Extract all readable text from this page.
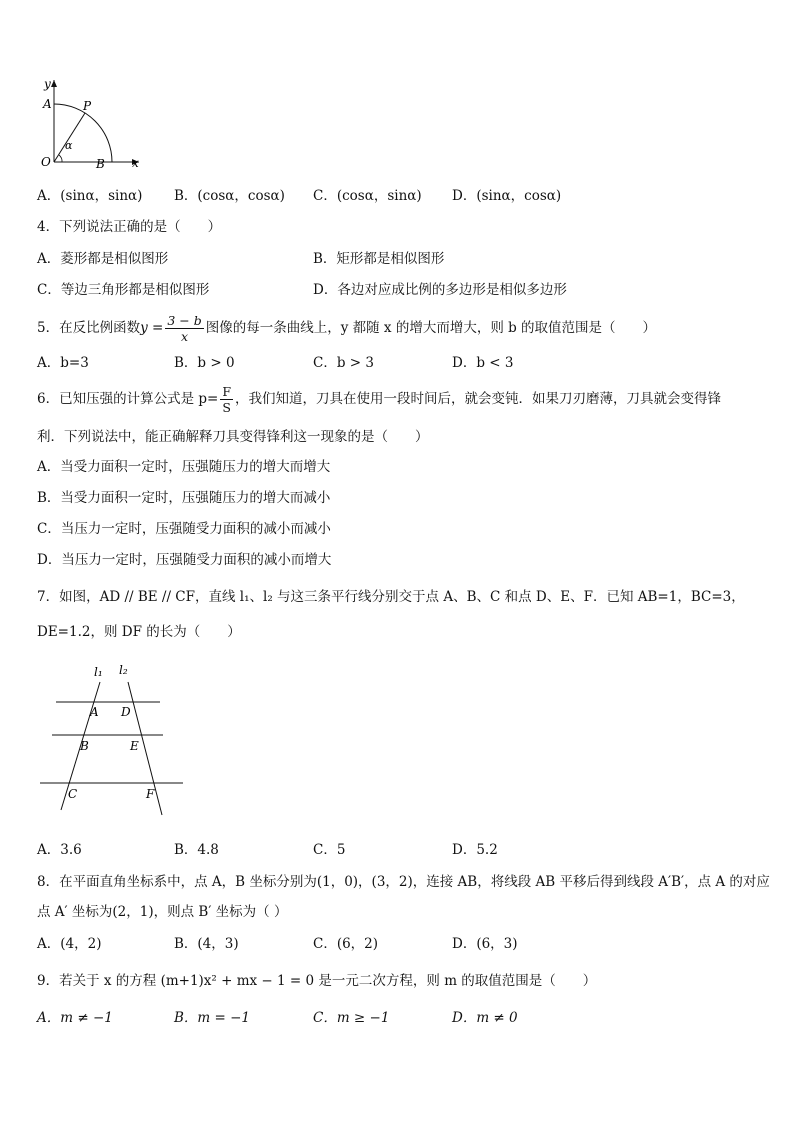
y
A	P
α
O	B x
A．(sinα，sinα) B．(cosα，cosα) C．(cosα，sinα) D．(sinα，cosα)
4．下列说法正确的是（　　）
A．菱形都是相似图形	B．矩形都是相似图形
C．等边三角形都是相似图形	D．各边对应成比例的多边形是相似多边形
5．在反比例函数$y = \frac{3 - b}{x}$ 图像的每一条曲线上，y 都随 x 的增大而增大，则 b 的取值范围是（　　）
A．b=3	B．b > 0	C．b > 3	D．b < 3
6．已知压强的计算公式是 $p= \frac{F}{S}$ ，我们知道，刀具在使用一段时间后，就会变钝．如果刀刃磨薄，刀具就会变得锋
利．下列说法中，能正确解释刀具变得锋利这一现象的是（　　）
A．当受力面积一定时，压强随压力的增大而增大
B．当受力面积一定时，压强随压力的增大而减小
C．当压力一定时，压强随受力面积的减小而减小
D．当压力一定时，压强随受力面积的减小而增大
7．如图，AD // BE // CF，直线 l₁、l₂ 与这三条平行线分别交于点 A、B、C 和点 D、E、F．已知 AB=1，BC=3，
DE=1.2，则 DF 的长为（　　）
l₁ l₂
A D
B	E
C	F
A．3.6	B．4.8	C．5	D．5.2
8．在平面直角坐标系中，点 A，B 坐标分别为(1，0)，(3，2)，连接 AB，将线段 AB 平移后得到线段 A′B′，点 A 的对应
点 A′ 坐标为(2，1)，则点 B′ 坐标为（ ）
A．(4，2)	B．(4，3)	C．(6，2)	D．(6，3)
9．若关于 x 的方程 (m+1)x² + mx − 1 = 0 是一元二次方程，则 m 的取值范围是（　　）
A．m ≠ −1	B．m = −1	C．m ≥ −1	D．m ≠ 0
